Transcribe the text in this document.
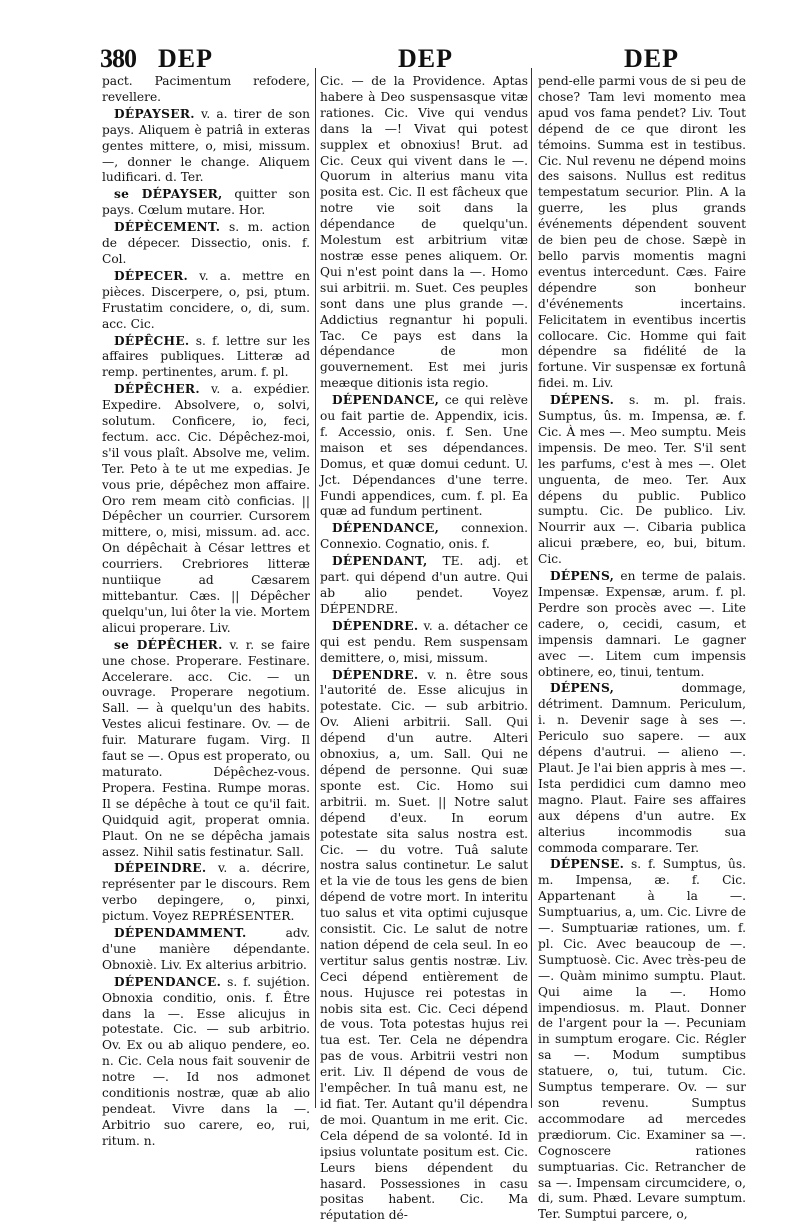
380 DEP	DEP	DEP

pact. Pacimentum refodere, revellere.

DÉPAYSER. v. a. tirer de son pays. Aliquem è patriâ in exteras gentes mittere, o, misi, missum. —, donner le change. Aliquem ludificari. d. Ter.

se DÉPAYSER, quitter son pays. Cœlum mutare. Hor.

DÉPÈCEMENT. s. m. action de dépecer. Dissectio, onis. f. Col.

DÉPECER. v. a. mettre en pièces. Discerpere, o, psi, ptum. Frustatim concidere, o, di, sum. acc. Cic.

DÉPÊCHE. s. f. lettre sur les affaires publiques. Litteræ ad remp. pertinentes, arum. f. pl.

DÉPÊCHER. v. a. expédier. Expedire. Absolvere, o, solvi, solutum. Conficere, io, feci, fectum. acc. Cic. Dépêchez-moi, s'il vous plaît. Absolve me, velim. Ter. Peto à te ut me expedias. Je vous prie, dépêchez mon affaire. Oro rem meam citò conficias. || Dépêcher un courrier. Cursorem mittere, o, misi, missum. ad. acc. On dépêchait à César lettres et courriers. Crebriores litteræ nuntiique ad Cæsarem mittebantur. Cæs. || Dépêcher quelqu'un, lui ôter la vie. Mortem alicui properare. Liv.

se DÉPÊCHER. v. r. se faire une chose. Properare. Festinare. Accelerare. acc. Cic. — un ouvrage. Properare negotium. Sall. — à quelqu'un des habits. Vestes alicui festinare. Ov. — de fuir. Maturare fugam. Virg. Il faut se —. Opus est properato, ou maturato. Dépêchez-vous. Propera. Festina. Rumpe moras. Il se dépêche à tout ce qu'il fait. Quidquid agit, properat omnia. Plaut. On ne se dépêcha jamais assez. Nihil satis festinatur. Sall.

DÉPEINDRE. v. a. décrire, représenter par le discours. Rem verbo depingere, o, pinxi, pictum. Voyez REPRÉSENTER.

DÉPENDAMMENT.	adv. d'une manière dépendante. Obnoxiè. Liv. Ex alterius arbitrio.

DÉPENDANCE. s. f. sujétion. Obnoxia conditio, onis. f. Être dans la —. Esse alicujus in potestate. Cic. — sub arbitrio. Ov. Ex ou ab aliquo pendere, eo. n. Cic. Cela nous fait souvenir de notre —. Id nos admonet conditionis nostræ, quæ ab alio pendeat. Vivre dans la —. Arbitrio suo carere, eo, rui, ritum. n.

Cic. — de la Providence. Aptas habere à Deo suspensasque vitæ rationes. Cic. Vive qui vendus dans la —! Vivat qui potest supplex et obnoxius! Brut. ad Cic. Ceux qui vivent dans le —. Quorum in alterius manu vita posita est. Cic. Il est fâcheux que notre vie soit dans la dépendance de quelqu'un. Molestum est arbitrium vitæ nostræ esse penes aliquem. Or. Qui n'est point dans la —. Homo sui arbitrii. m. Suet. Ces peuples sont dans une plus grande —. Addictius regnantur hi populi. Tac. Ce pays est dans la dépendance de mon gouvernement. Est mei juris meæque ditionis ista regio.

DÉPENDANCE, ce qui relève ou fait partie de. Appendix, icis. f. Accessio, onis. f. Sen. Une maison et ses dépendances. Domus, et quæ domui cedunt. U. Jct. Dépendances d'une terre. Fundi appendices, cum. f. pl. Ea quæ ad fundum pertinent.

DÉPENDANCE, connexion. Connexio. Cognatio, onis. f.

DÉPENDANT, TE. adj. et part. qui dépend d'un autre. Qui ab alio pendet. Voyez DÉPENDRE.

DÉPENDRE. v. a. détacher ce qui est pendu. Rem suspensam demittere, o, misi, missum.

DÉPENDRE. v. n. être sous l'autorité de. Esse alicujus in potestate. Cic. — sub arbitrio. Ov. Alieni arbitrii. Sall. Qui dépend d'un autre. Alteri obnoxius, a, um. Sall. Qui ne dépend de personne. Qui suæ sponte est. Cic. Homo sui arbitrii. m. Suet. || Notre salut dépend d'eux. In eorum potestate sita salus nostra est. Cic. — du votre. Tuâ salute nostra salus continetur. Le salut et la vie de tous les gens de bien dépend de votre mort. In interitu tuo salus et vita optimi cujusque consistit. Cic. Le salut de notre nation dépend de cela seul. In eo vertitur salus gentis nostræ. Liv. Ceci dépend entièrement de nous. Hujusce rei potestas in nobis sita est. Cic. Ceci dépend de vous. Tota potestas hujus rei tua est. Ter. Cela ne dépendra pas de vous. Arbitrii vestri non erit. Liv. Il dépend de vous de l'empêcher. In tuâ manu est, ne id fiat. Ter. Autant qu'il dépendra de moi. Quantum in me erit. Cic. Cela dépend de sa volonté. Id in ipsius voluntate positum est. Cic. Leurs biens dépendent du hasard. Possessiones in casu positas habent. Cic. Ma réputation dé-

pend-elle parmi vous de si peu de chose? Tam levi momento mea apud vos fama pendet? Liv. Tout dépend de ce que diront les témoins. Summa est in testibus. Cic. Nul revenu ne dépend moins des saisons. Nullus est reditus tempestatum securior. Plin. A la guerre, les plus grands événements dépendent souvent de bien peu de chose. Sæpè in bello parvis momentis magni eventus intercedunt. Cæs. Faire dépendre son bonheur d'événements incertains. Felicitatem in eventibus incertis collocare. Cic. Homme qui fait dépendre sa fidélité de la fortune. Vir suspensæ ex fortunâ fidei. m. Liv.

DÉPENS. s. m. pl. frais. Sumptus, ûs. m. Impensa, æ. f. Cic. À mes —. Meo sumptu. Meis impensis. De meo. Ter. S'il sent les parfums, c'est à mes —. Olet unguenta, de meo. Ter. Aux dépens du public. Publico sumptu. Cic. De publico. Liv. Nourrir aux —. Cibaria publica alicui præbere, eo, bui, bitum. Cic.

DÉPENS, en terme de palais. Impensæ. Expensæ, arum. f. pl. Perdre son procès avec —. Lite cadere, o, cecidi, casum, et impensis damnari. Le gagner avec —. Litem cum impensis obtinere, eo, tinui, tentum.

DÉPENS,	dommage, détriment. Damnum. Periculum, i. n. Devenir sage à ses —. Periculo suo sapere. — aux dépens d'autrui. — alieno —. Plaut. Je l'ai bien appris à mes —. Ista perdidici cum damno meo magno. Plaut. Faire ses affaires aux dépens d'un autre. Ex alterius incommodis sua commoda comparare. Ter.

DÉPENSE. s. f. Sumptus, ûs. m. Impensa, æ. f. Cic. Appartenant à la —. Sumptuarius, a, um. Cic. Livre de —. Sumptuariæ rationes, um. f. pl. Cic. Avec beaucoup de —. Sumptuosè. Cic. Avec très-peu de —. Quàm minimo sumptu. Plaut. Qui aime la —. Homo impendiosus. m. Plaut. Donner de l'argent pour la —. Pecuniam in sumptum erogare. Cic. Régler sa —. Modum sumptibus statuere, o, tui, tutum. Cic. Sumptus temperare. Ov. — sur son revenu. Sumptus accommodare ad mercedes prædiorum. Cic. Examiner sa —. Cognoscere rationes sumptuarias. Cic. Retrancher de sa —. Impensam circumcidere, o, di, sum. Phæd. Levare sumptum. Ter. Sumptui parcere, o,
